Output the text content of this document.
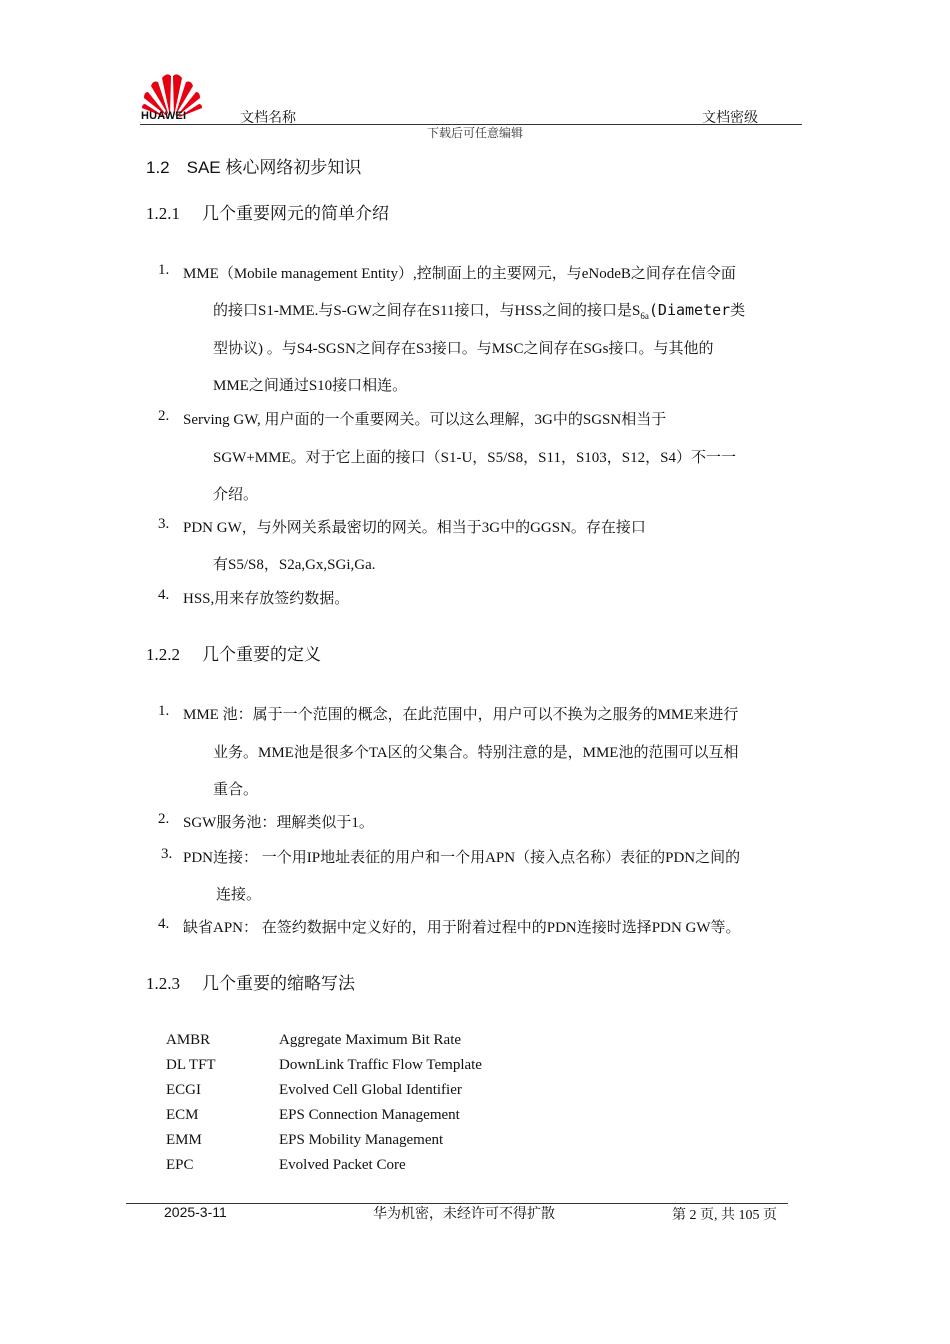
HUAWEI	文档名称	文档密级
下载后可任意编辑
1.2　SAE 核心网络初步知识
1.2.1 几个重要网元的简单介绍
1. MME（Mobile management Entity）,控制面上的主要网元，与eNodeB之间存在信令面
的接口S1-MME.与S-GW之间存在S11接口，与HSS之间的接口是$S_{6a}(Diameter$类
型协议) 。与S4-SGSN之间存在S3接口。与MSC之间存在SGs接口。与其他的
MME之间通过S10接口相连。
2. Serving GW, 用户面的一个重要网关。可以这么理解，3G中的SGSN相当于
SGW+MME。对于它上面的接口（S1-U，S5/S8，S11，S103，S12，S4）不一一
介绍。
3. PDN GW，与外网关系最密切的网关。相当于3G中的GGSN。存在接口
有S5/S8，S2a,Gx,SGi,Ga.
4. HSS,用来存放签约数据。
1.2.2 几个重要的定义
1. MME 池：属于一个范围的概念，在此范围中，用户可以不换为之服务的MME来进行
业务。MME池是很多个TA区的父集合。特别注意的是，MME池的范围可以互相
重合。
2. SGW服务池：理解类似于1。
3. PDN连接： 一个用IP地址表征的用户和一个用APN（接入点名称）表征的PDN之间的
连接。
4. 缺省APN： 在签约数据中定义好的，用于附着过程中的PDN连接时选择PDN GW等。
1.2.3 几个重要的缩略写法
AMBR	Aggregate Maximum Bit Rate
DL TFT	DownLink Traffic Flow Template
ECGI	Evolved Cell Global Identifier
ECM	EPS Connection Management
EMM	EPS Mobility Management
EPC	Evolved Packet Core
2025-3-11	华为机密，未经许可不得扩散	第 2 页, 共 105 页
